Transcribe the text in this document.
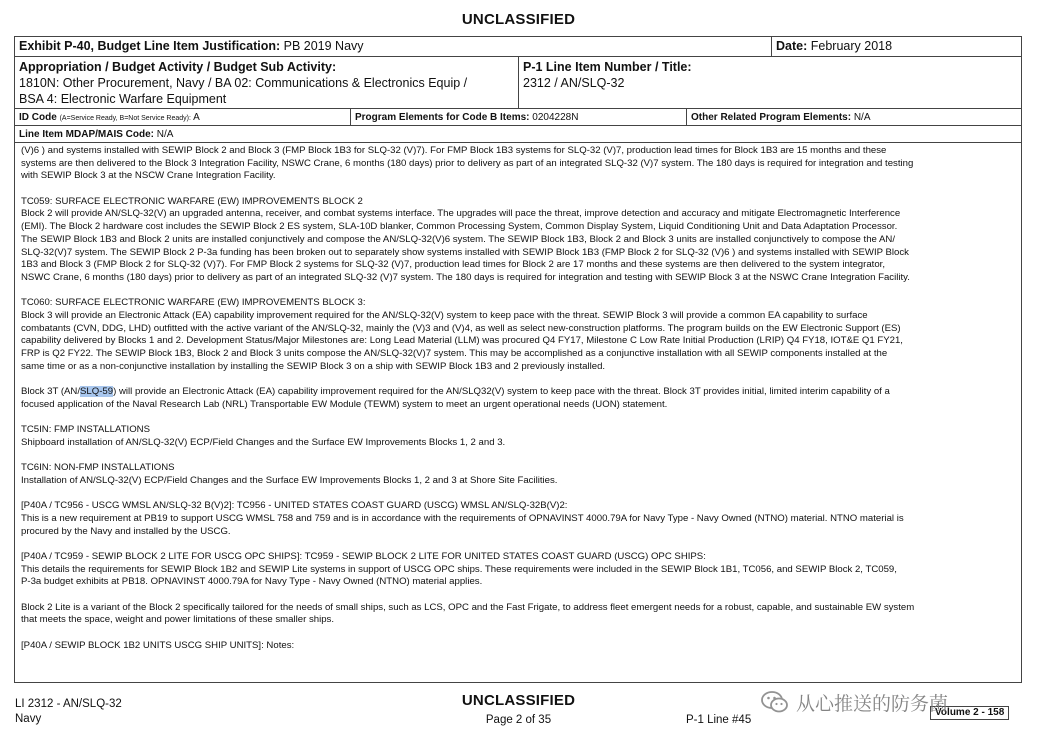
UNCLASSIFIED
Exhibit P-40, Budget Line Item Justification: PB 2019 Navy	Date: February 2018
Appropriation / Budget Activity / Budget Sub Activity:
1810N: Other Procurement, Navy / BA 02: Communications & Electronics Equip /
BSA 4: Electronic Warfare Equipment
P-1 Line Item Number / Title:
2312 / AN/SLQ-32
ID Code (A=Service Ready, B=Not Service Ready): A	Program Elements for Code B Items: 0204228N	Other Related Program Elements: N/A
Line Item MDAP/MAIS Code: N/A
(V)6 ) and systems installed with SEWIP Block 2 and Block 3 (FMP Block 1B3 for SLQ-32 (V)7). For FMP Block 1B3 systems for SLQ-32 (V)7, production lead times for Block 1B3 are 15 months and these
systems are then delivered to the Block 3 Integration Facility, NSWC Crane, 6 months (180 days) prior to delivery as part of an integrated SLQ-32 (V)7 system. The 180 days is required for integration and testing
with SEWIP Block 3 at the NSCW Crane Integration Facility.
TC059: SURFACE ELECTRONIC WARFARE (EW) IMPROVEMENTS BLOCK 2
Block 2 will provide AN/SLQ-32(V) an upgraded antenna, receiver, and combat systems interface. The upgrades will pace the threat, improve detection and accuracy and mitigate Electromagnetic Interference
(EMI). The Block 2 hardware cost includes the SEWIP Block 2 ES system, SLA-10D blanker, Common Processing System, Common Display System, Liquid Conditioning Unit and Data Adaptation Processor.
The SEWIP Block 1B3 and Block 2 units are installed conjunctively and compose the AN/SLQ-32(V)6 system. The SEWIP Block 1B3, Block 2 and Block 3 units are installed conjunctively to compose the AN/
SLQ-32(V)7 system. The SEWIP Block 2 P-3a funding has been broken out to separately show systems installed with SEWIP Block 1B3 (FMP Block 2 for SLQ-32 (V)6 ) and systems installed with SEWIP Block
1B3 and Block 3 (FMP Block 2 for SLQ-32 (V)7). For FMP Block 2 systems for SLQ-32 (V)7, production lead times for Block 2 are 17 months and these systems are then delivered to the system integrator,
NSWC Crane, 6 months (180 days) prior to delivery as part of an integrated SLQ-32 (V)7 system. The 180 days is required for integration and testing with SEWIP Block 3 at the NSWC Crane Integration Facility.
TC060: SURFACE ELECTRONIC WARFARE (EW) IMPROVEMENTS BLOCK 3:
Block 3 will provide an Electronic Attack (EA) capability improvement required for the AN/SLQ-32(V) system to keep pace with the threat. SEWIP Block 3 will provide a common EA capability to surface
combatants (CVN, DDG, LHD) outfitted with the active variant of the AN/SLQ-32, mainly the (V)3 and (V)4, as well as select new-construction platforms. The program builds on the EW Electronic Support (ES)
capability delivered by Blocks 1 and 2. Development Status/Major Milestones are: Long Lead Material (LLM) was procured Q4 FY17, Milestone C Low Rate Initial Production (LRIP) Q4 FY18, IOT&E Q1 FY21,
FRP is Q2 FY22. The SEWIP Block 1B3, Block 2 and Block 3 units compose the AN/SLQ-32(V)7 system. This may be accomplished as a conjunctive installation with all SEWIP components installed at the
same time or as a non-conjunctive installation by installing the SEWIP Block 3 on a ship with SEWIP Block 1B3 and 2 previously installed.
Block 3T (AN/SLQ-59) will provide an Electronic Attack (EA) capability improvement required for the AN/SLQ32(V) system to keep pace with the threat. Block 3T provides initial, limited interim capability of a
focused application of the Naval Research Lab (NRL) Transportable EW Module (TEWM) system to meet an urgent operational needs (UON) statement.
TC5IN: FMP INSTALLATIONS
Shipboard installation of AN/SLQ-32(V) ECP/Field Changes and the Surface EW Improvements Blocks 1, 2 and 3.
TC6IN: NON-FMP INSTALLATIONS
Installation of AN/SLQ-32(V) ECP/Field Changes and the Surface EW Improvements Blocks 1, 2 and 3 at Shore Site Facilities.
[P40A / TC956 - USCG WMSL AN/SLQ-32 B(V)2]: TC956 - UNITED STATES COAST GUARD (USCG) WMSL AN/SLQ-32B(V)2:
This is a new requirement at PB19 to support USCG WMSL 758 and 759 and is in accordance with the requirements of OPNAVINST 4000.79A for Navy Type - Navy Owned (NTNO) material. NTNO material is
procured by the Navy and installed by the USCG.
[P40A / TC959 - SEWIP BLOCK 2 LITE FOR USCG OPC SHIPS]: TC959 - SEWIP BLOCK 2 LITE FOR UNITED STATES COAST GUARD (USCG) OPC SHIPS:
This details the requirements for SEWIP Block 1B2 and SEWIP Lite systems in support of USCG OPC ships. These requirements were included in the SEWIP Block 1B1, TC056, and SEWIP Block 2, TC059,
P-3a budget exhibits at PB18. OPNAVINST 4000.79A for Navy Type - Navy Owned (NTNO) material applies.
Block 2 Lite is a variant of the Block 2 specifically tailored for the needs of small ships, such as LCS, OPC and the Fast Frigate, to address fleet emergent needs for a robust, capable, and sustainable EW system
that meets the space, weight and power limitations of these smaller ships.
[P40A / SEWIP BLOCK 1B2 UNITS USCG SHIP UNITS]: Notes:
LI 2312 - AN/SLQ-32
Navy
UNCLASSIFIED
Page 2 of 35	P-1 Line #45
Volume 2 - 158
从心推送的防务菌
